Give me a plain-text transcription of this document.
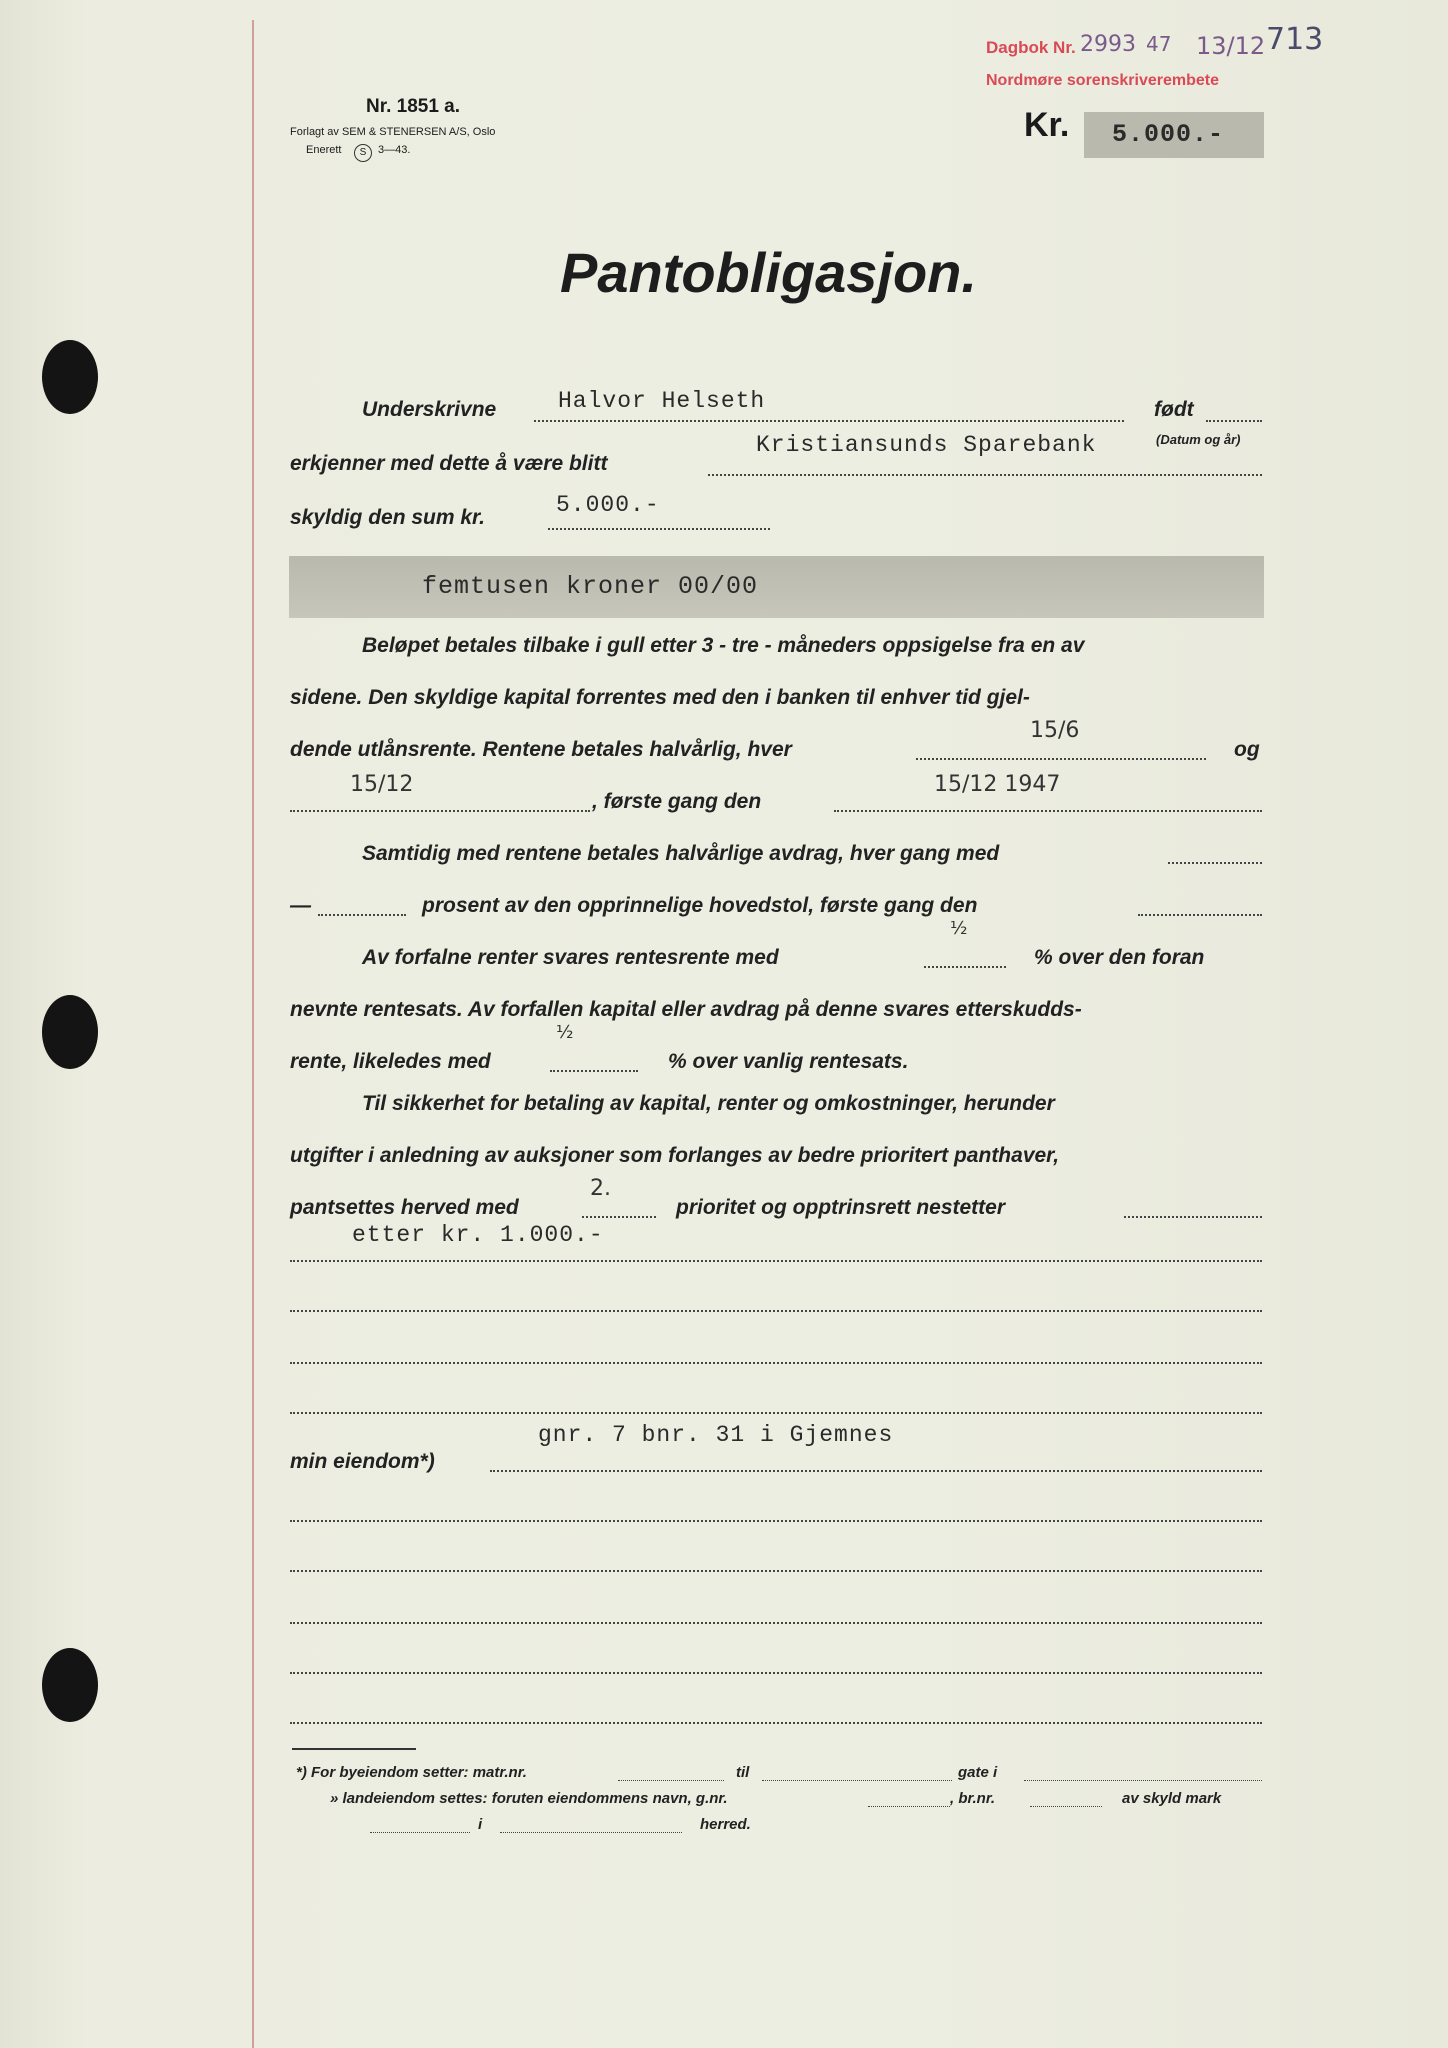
Nr. 1851 a.
Forlagt av SEM & STENERSEN A/S, Oslo
Enerett	S	3—43.
Dagbok Nr. 2993 47 13/12 713
Nordmøre sorenskriverembete
Kr. 5.000.-
Pantobligasjon.
Underskrivne	Halvor Helseth	født
(Datum og år)
erkjenner med dette å være blitt
Kristiansunds Sparebank
skyldig den sum kr.	5.000.-
femtusen kroner 00/00
Beløpet betales tilbake i gull etter 3 - tre - måneders oppsigelse fra en av
sidene. Den skyldige kapital forrentes med den i banken til enhver tid gjel-
dende utlånsrente. Rentene betales halvårlig, hver
15/6
og
15/12
, første gang den
15/12 1947
Samtidig med rentene betales halvårlige avdrag, hver gang med
—	prosent av den opprinnelige hovedstol, første gang den
Av forfalne renter svares rentesrente med
½
% over den foran
nevnte rentesats. Av forfallen kapital eller avdrag på denne svares etterskudds-
rente, likeledes med
½
% over vanlig rentesats.
Til sikkerhet for betaling av kapital, renter og omkostninger, herunder
utgifter i anledning av auksjoner som forlanges av bedre prioritert panthaver,
pantsettes herved med
2.
prioritet og opptrinsrett nestetter
etter kr. 1.000.-
gnr. 7 bnr. 31 i Gjemnes
min eiendom*)
*) For byeiendom setter: matr.nr.	til	gate i
» landeiendom settes: foruten eiendommens navn, g.nr.	, br.nr.	av skyld mark
i	herred.
